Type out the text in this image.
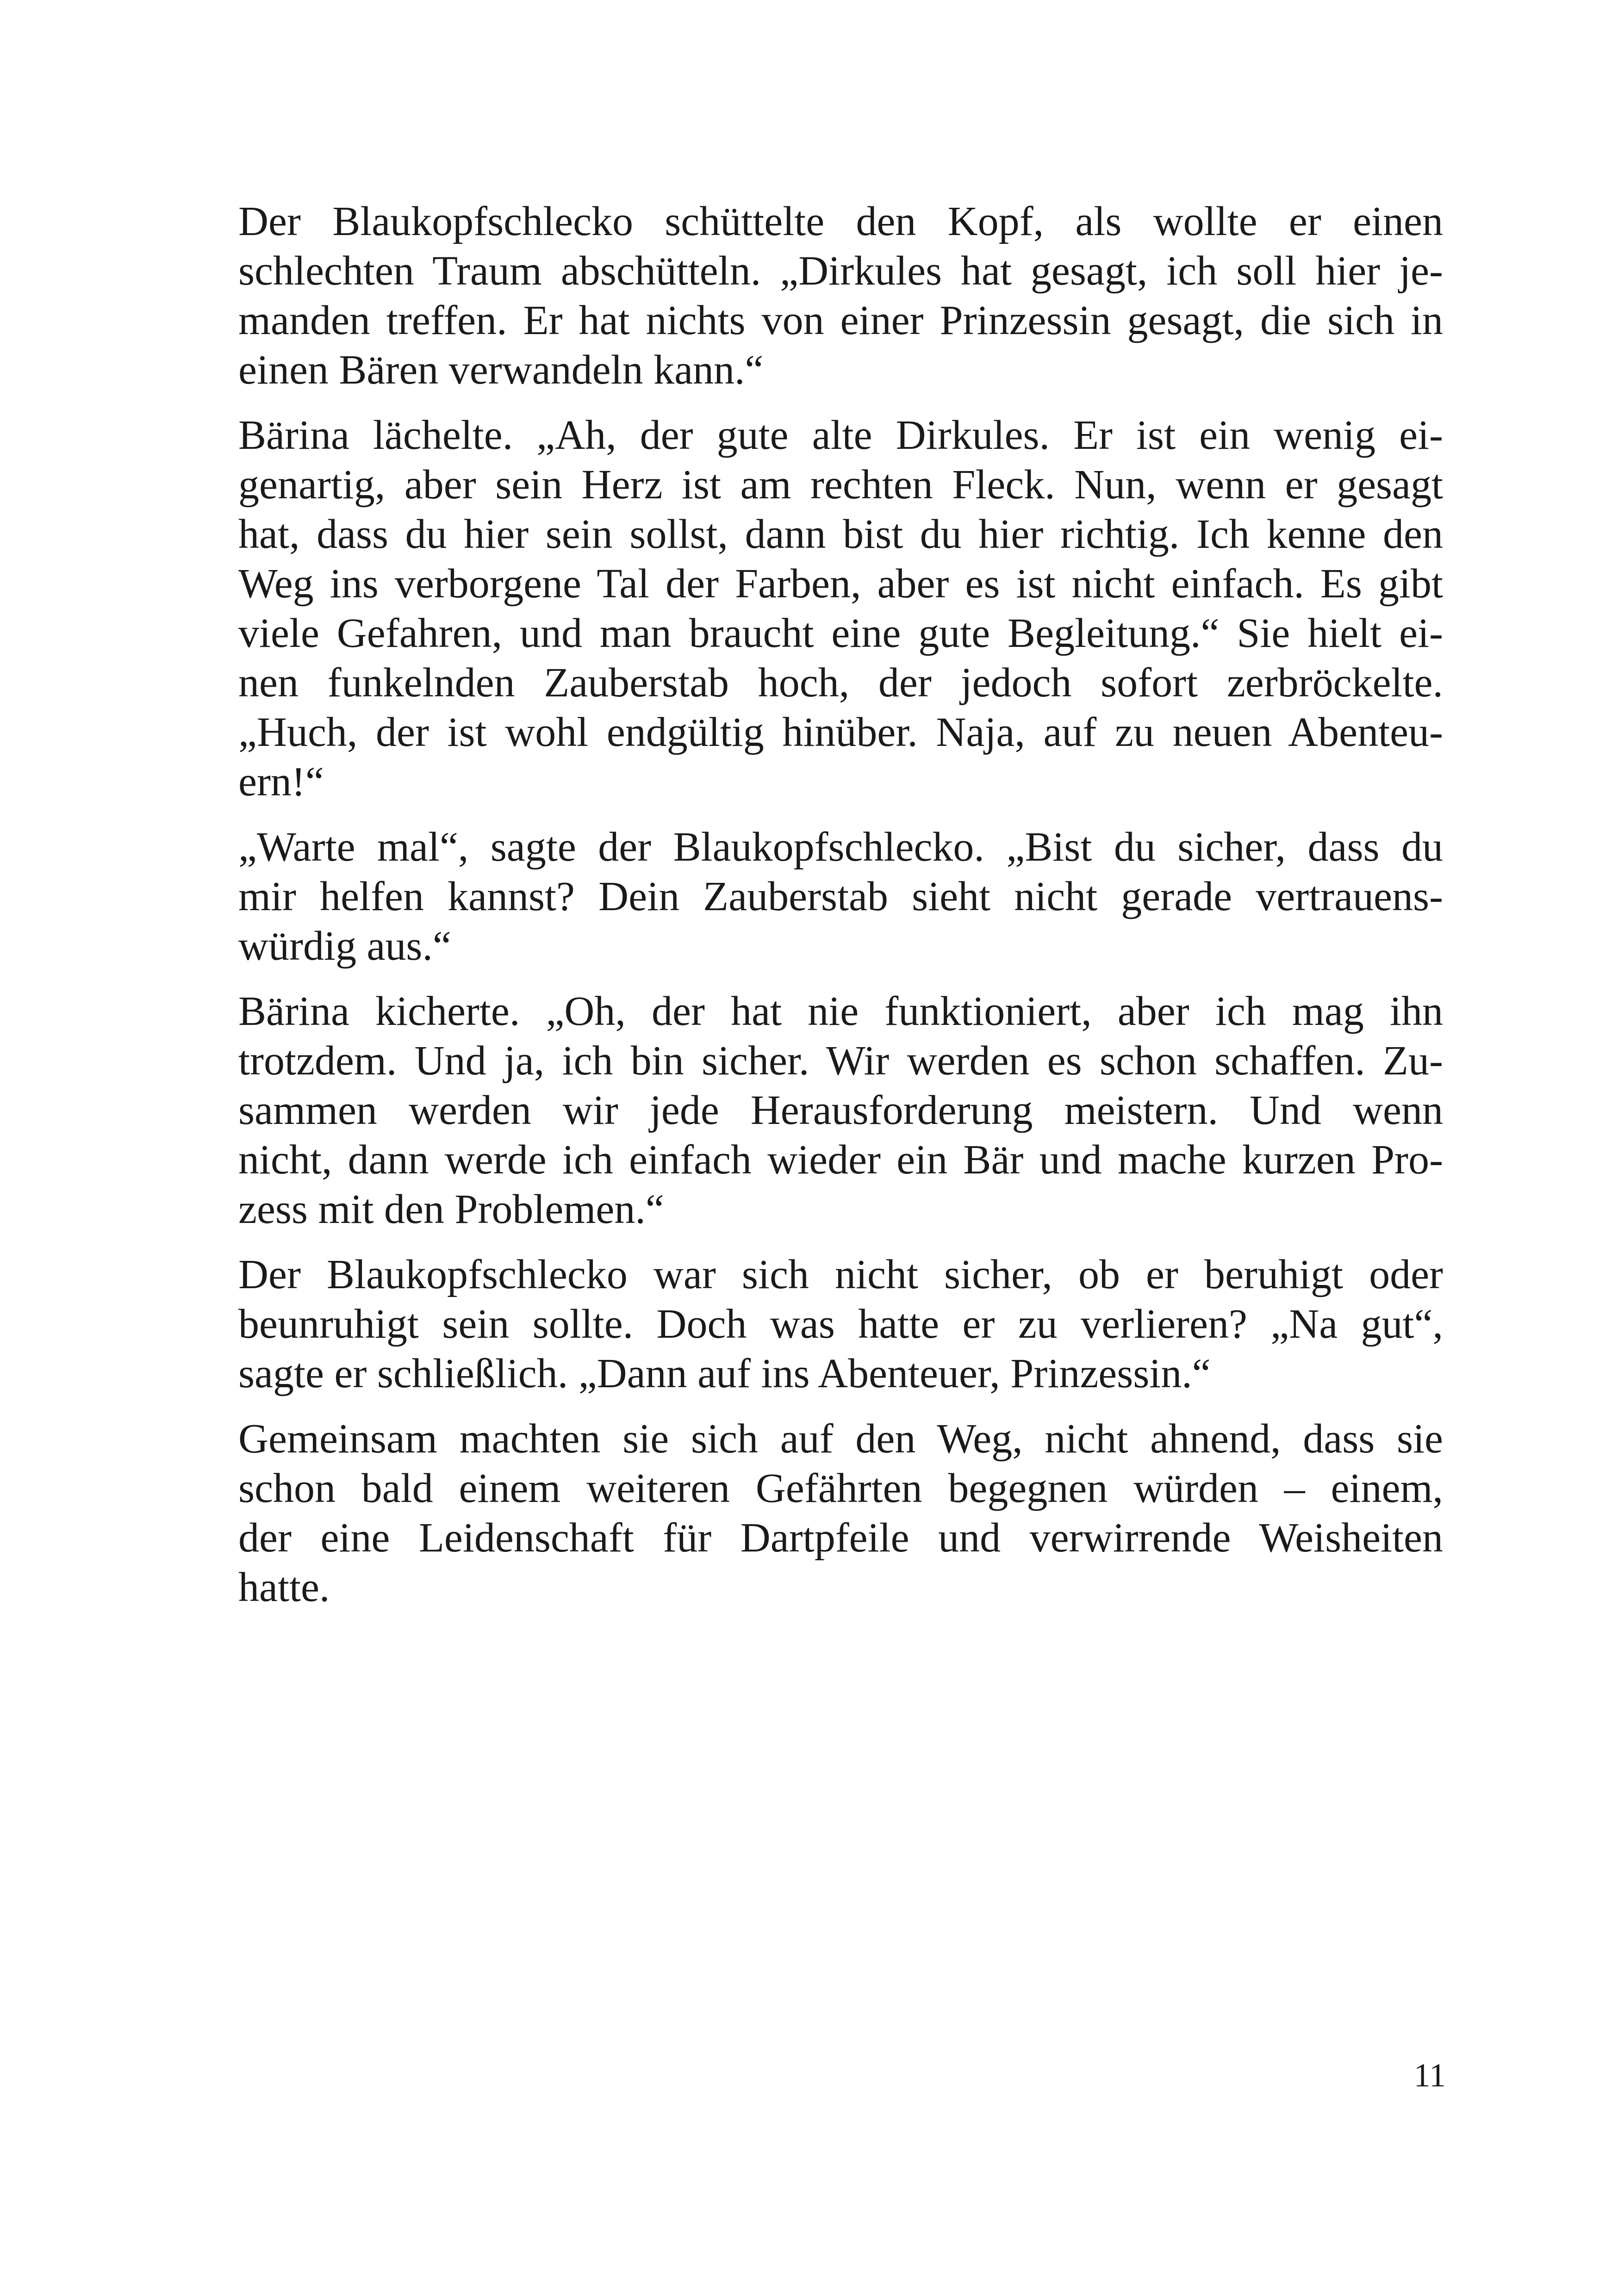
Der Blaukopfschlecko schüttelte den Kopf, als wollte er einen
schlechten Traum abschütteln. „Dirkules hat gesagt, ich soll hier je-
manden treffen. Er hat nichts von einer Prinzessin gesagt, die sich in
einen Bären verwandeln kann.“

Bärina lächelte. „Ah, der gute alte Dirkules. Er ist ein wenig ei-
genartig, aber sein Herz ist am rechten Fleck. Nun, wenn er gesagt
hat, dass du hier sein sollst, dann bist du hier richtig. Ich kenne den
Weg ins verborgene Tal der Farben, aber es ist nicht einfach. Es gibt
viele Gefahren, und man braucht eine gute Begleitung.“ Sie hielt ei-
nen funkelnden Zauberstab hoch, der jedoch sofort zerbröckelte.
„Huch, der ist wohl endgültig hinüber. Naja, auf zu neuen Abenteu-
ern!“

„Warte mal“, sagte der Blaukopfschlecko. „Bist du sicher, dass du
mir helfen kannst? Dein Zauberstab sieht nicht gerade vertrauens-
würdig aus.“

Bärina kicherte. „Oh, der hat nie funktioniert, aber ich mag ihn
trotzdem. Und ja, ich bin sicher. Wir werden es schon schaffen. Zu-
sammen werden wir jede Herausforderung meistern. Und wenn
nicht, dann werde ich einfach wieder ein Bär und mache kurzen Pro-
zess mit den Problemen.“

Der Blaukopfschlecko war sich nicht sicher, ob er beruhigt oder
beunruhigt sein sollte. Doch was hatte er zu verlieren? „Na gut“,
sagte er schließlich. „Dann auf ins Abenteuer, Prinzessin.“

Gemeinsam machten sie sich auf den Weg, nicht ahnend, dass sie
schon bald einem weiteren Gefährten begegnen würden – einem,
der eine Leidenschaft für Dartpfeile und verwirrende Weisheiten
hatte.

11
